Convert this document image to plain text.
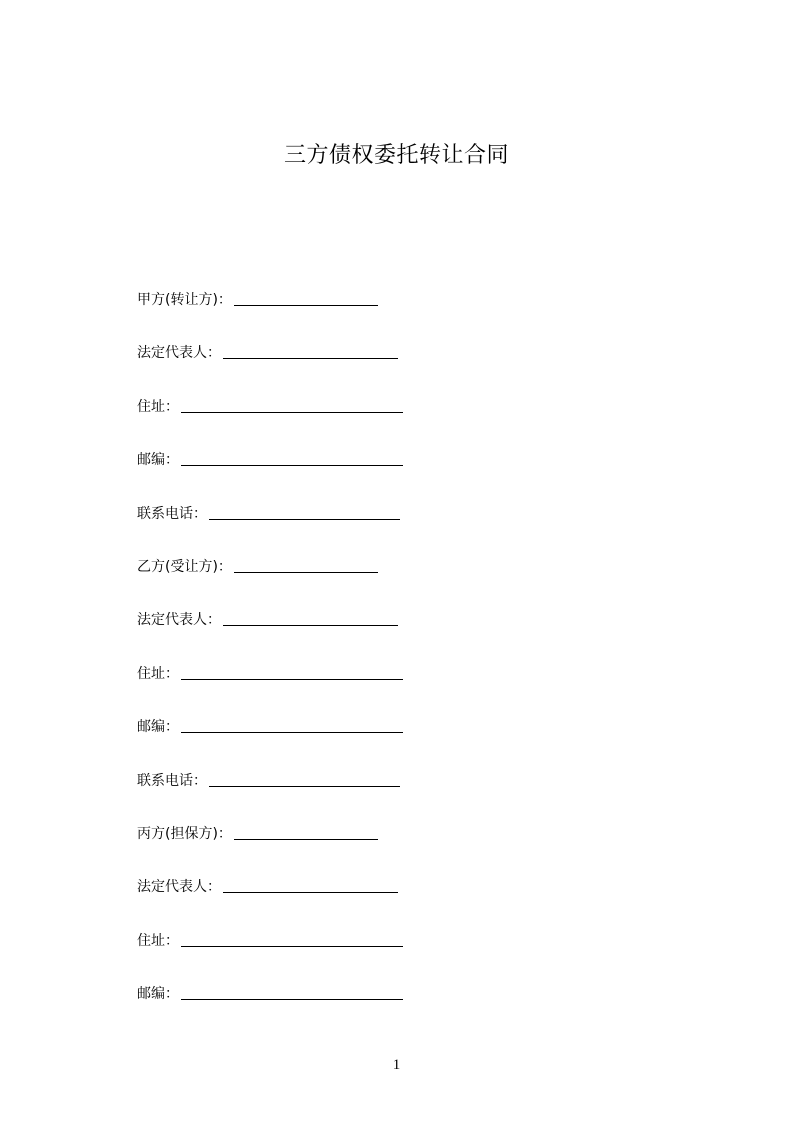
三方债权委托转让合同
甲方(转让方)：
法定代表人：
住址：
邮编：
联系电话：
乙方(受让方)：
法定代表人：
住址：
邮编：
联系电话：
丙方(担保方)：
法定代表人：
住址：
邮编：
1
